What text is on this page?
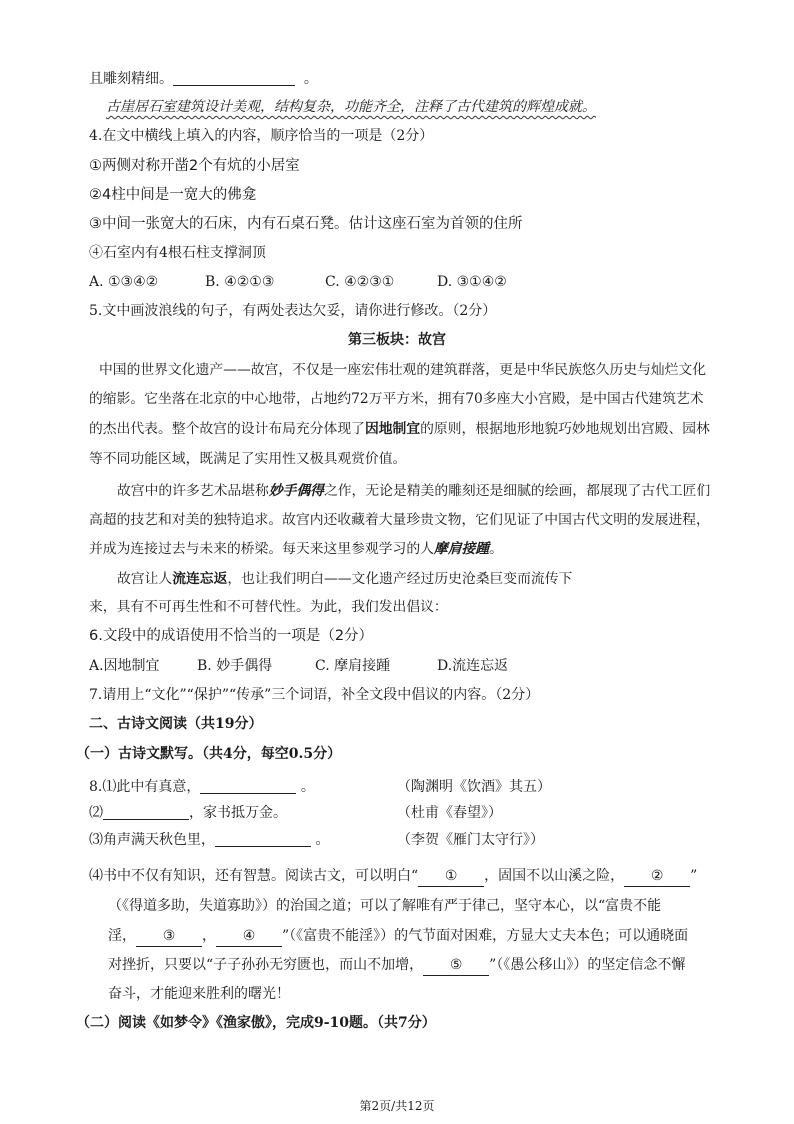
且雕刻精细。	。
古崖居石室建筑设计美观，结构复杂，功能齐全，注释了古代建筑的辉煌成就。
4.在文中横线上填入的内容，顺序恰当的一项是（2分）
①两侧对称开凿2个有炕的小居室
②4柱中间是一宽大的佛龛
③中间一张宽大的石床，内有石桌石凳。估计这座石室为首领的住所
④石室内有4根石柱支撑洞顶
A. ①③④②	B. ④②①③	C. ④②③①	D. ③①④②
5.文中画波浪线的句子，有两处表达欠妥，请你进行修改。（2分）
第三板块：故宫
中国的世界文化遗产——故宫，不仅是一座宏伟壮观的建筑群落，更是中华民族悠久历史与灿烂文化
的缩影。它坐落在北京的中心地带，占地约72万平方米，拥有70多座大小宫殿，是中国古代建筑艺术
的杰出代表。整个故宫的设计布局充分体现了因地制宜的原则，根据地形地貌巧妙地规划出宫殿、园林
等不同功能区域，既满足了实用性又极具观赏价值。
故宫中的许多艺术品堪称妙手偶得之作，无论是精美的雕刻还是细腻的绘画，都展现了古代工匠们
高超的技艺和对美的独特追求。故宫内还收藏着大量珍贵文物，它们见证了中国古代文明的发展进程，
并成为连接过去与未来的桥梁。每天来这里参观学习的人摩肩接踵。
故宫让人流连忘返，也让我们明白——文化遗产经过历史沧桑巨变而流传下
来，具有不可再生性和不可替代性。为此，我们发出倡议：
6.文段中的成语使用不恰当的一项是（2分）
A.因地制宜	B. 妙手偶得	C. 摩肩接踵	D.流连忘返
7.请用上“文化”“保护”“传承”三个词语，补全文段中倡议的内容。（2分）
二、古诗文阅读（共19分）
（一）古诗文默写。（共4分，每空0.5分）
8.⑴此中有真意，	。	（陶渊明《饮酒》其五）
⑵	，家书抵万金。	（杜甫《春望》）
⑶角声满天秋色里，	。	（李贺《雁门太守行》）
⑷书中不仅有知识，还有智慧。阅读古文，可以明白“ ① ，固国不以山溪之险， ② ”
（《得道多助，失道寡助》）的治国之道；可以了解唯有严于律己，坚守本心，以“富贵不能
淫， ③ ， ④ ”（《富贵不能淫》）的气节面对困难，方显大丈夫本色；可以通晓面
对挫折，只要以“子子孙孙无穷匮也，而山不加增， ⑤ ”（《愚公移山》）的坚定信念不懈
奋斗，才能迎来胜利的曙光！
（二）阅读《如梦令》《渔家傲》，完成9-10题。（共7分）
第2页/共12页
